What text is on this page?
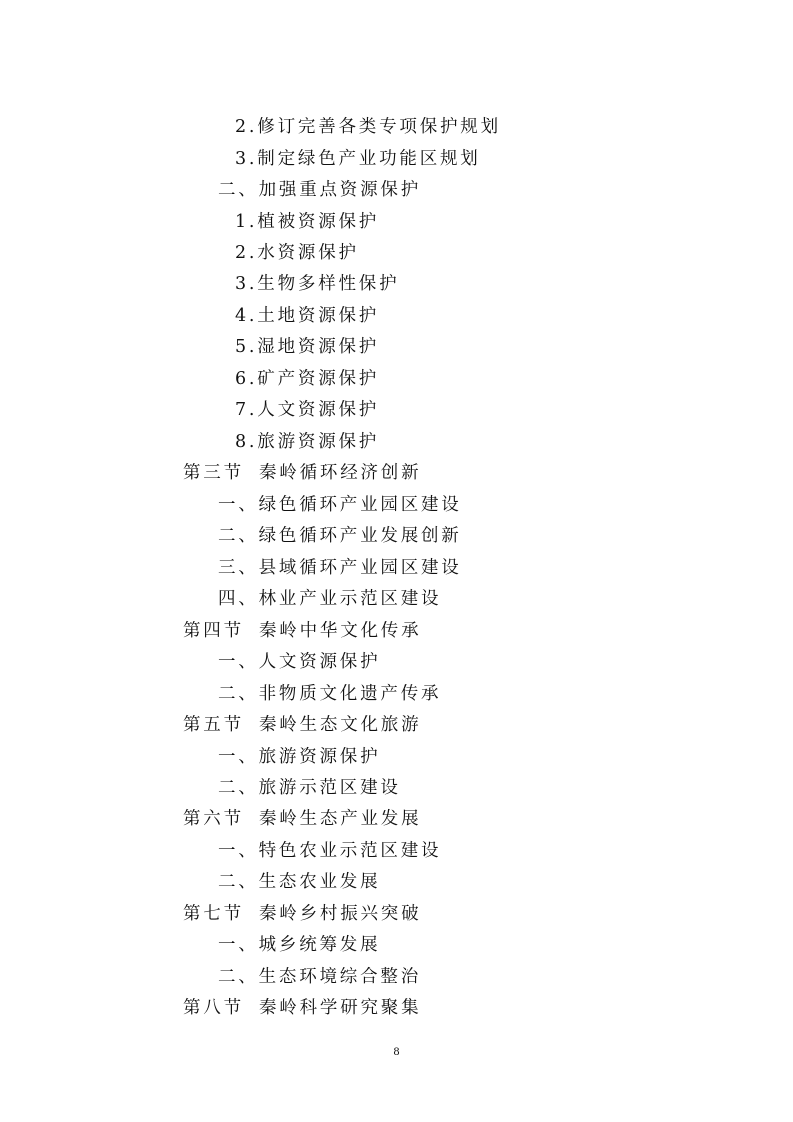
2.修订完善各类专项保护规划
3.制定绿色产业功能区规划
二、加强重点资源保护
1.植被资源保护
2.水资源保护
3.生物多样性保护
4.土地资源保护
5.湿地资源保护
6.矿产资源保护
7.人文资源保护
8.旅游资源保护
第三节 秦岭循环经济创新
一、绿色循环产业园区建设
二、绿色循环产业发展创新
三、县域循环产业园区建设
四、林业产业示范区建设
第四节 秦岭中华文化传承
一、人文资源保护
二、非物质文化遗产传承
第五节 秦岭生态文化旅游
一、旅游资源保护
二、旅游示范区建设
第六节 秦岭生态产业发展
一、特色农业示范区建设
二、生态农业发展
第七节 秦岭乡村振兴突破
一、城乡统筹发展
二、生态环境综合整治
第八节 秦岭科学研究聚集
8
